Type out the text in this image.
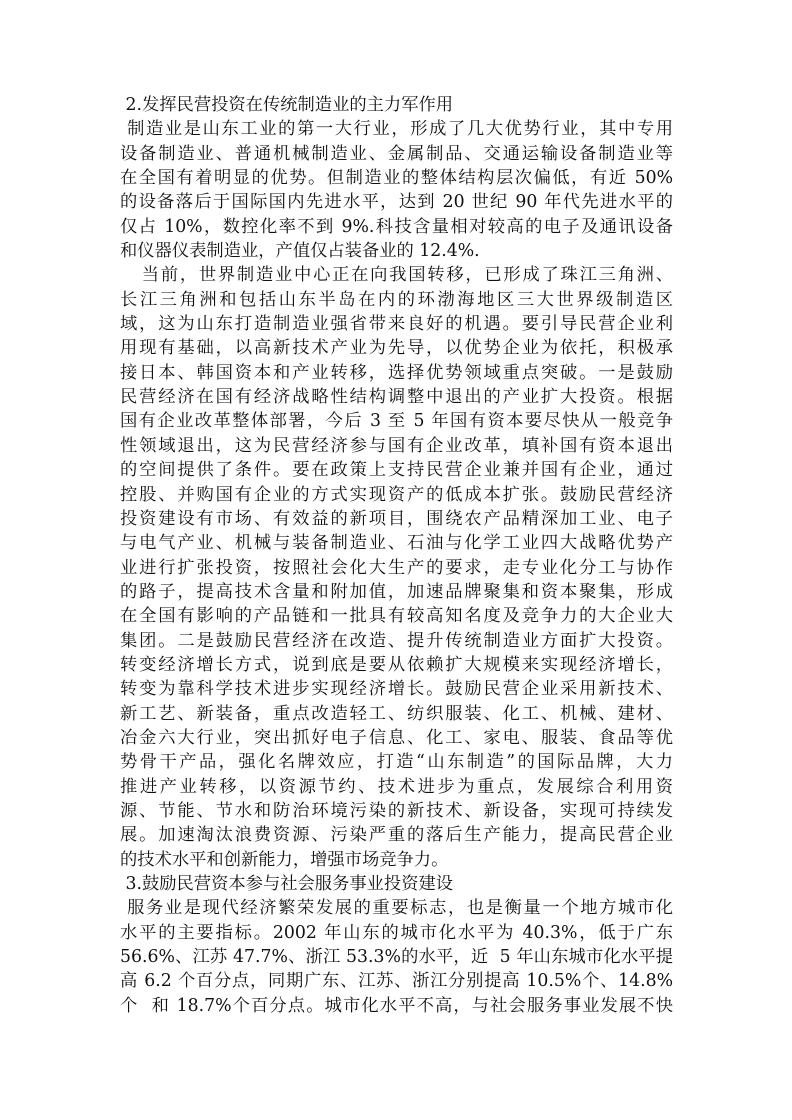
2.发挥民营投资在传统制造业的主力军作用
制造业是山东工业的第一大行业，形成了几大优势行业，其中专用
设备制造业、普通机械制造业、金属制品、交通运输设备制造业等
在全国有着明显的优势。但制造业的整体结构层次偏低，有近 50%
的设备落后于国际国内先进水平，达到 20 世纪 90 年代先进水平的
仅占 10%，数控化率不到 9%.科技含量相对较高的电子及通讯设备
和仪器仪表制造业，产值仅占装备业的 12.4%.
当前，世界制造业中心正在向我国转移，已形成了珠江三角洲、
长江三角洲和包括山东半岛在内的环渤海地区三大世界级制造区
域，这为山东打造制造业强省带来良好的机遇。要引导民营企业利
用现有基础，以高新技术产业为先导，以优势企业为依托，积极承
接日本、韩国资本和产业转移，选择优势领域重点突破。一是鼓励
民营经济在国有经济战略性结构调整中退出的产业扩大投资。根据
国有企业改革整体部署，今后 3 至 5 年国有资本要尽快从一般竞争
性领域退出，这为民营经济参与国有企业改革，填补国有资本退出
的空间提供了条件。要在政策上支持民营企业兼并国有企业，通过
控股、并购国有企业的方式实现资产的低成本扩张。鼓励民营经济
投资建设有市场、有效益的新项目，围绕农产品精深加工业、电子
与电气产业、机械与装备制造业、石油与化学工业四大战略优势产
业进行扩张投资，按照社会化大生产的要求，走专业化分工与协作
的路子，提高技术含量和附加值，加速品牌聚集和资本聚集，形成
在全国有影响的产品链和一批具有较高知名度及竞争力的大企业大
集团。二是鼓励民营经济在改造、提升传统制造业方面扩大投资。
转变经济增长方式，说到底是要从依赖扩大规模来实现经济增长，
转变为靠科学技术进步实现经济增长。鼓励民营企业采用新技术、
新工艺、新装备，重点改造轻工、纺织服装、化工、机械、建材、
冶金六大行业，突出抓好电子信息、化工、家电、服装、食品等优
势骨干产品，强化名牌效应，打造“山东制造”的国际品牌，大力
推进产业转移，以资源节约、技术进步为重点，发展综合利用资
源、节能、节水和防治环境污染的新技术、新设备，实现可持续发
展。加速淘汰浪费资源、污染严重的落后生产能力，提高民营企业
的技术水平和创新能力，增强市场竞争力。
3.鼓励民营资本参与社会服务事业投资建设
服务业是现代经济繁荣发展的重要标志，也是衡量一个地方城市化
水平的主要指标。2002 年山东的城市化水平为 40.3%，低于广东
56.6%、江苏 47.7%、浙江 53.3%的水平，近  5 年山东城市化水平提
高 6.2 个百分点，同期广东、江苏、浙江分别提高 10.5%个、14.8%
个  和 18.7%个百分点。城市化水平不高，与社会服务事业发展不快
